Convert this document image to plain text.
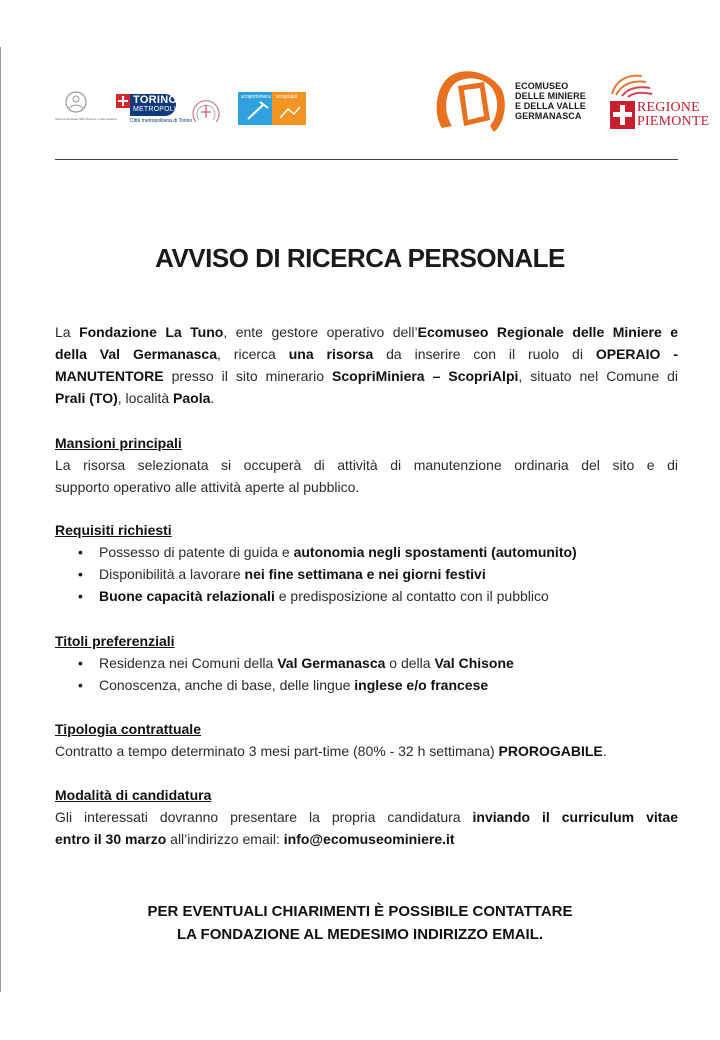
Sistema Museale Valli Chisone e Germanasca
TORINO
METROPOLI
Città metropolitana di Torino
scopriminiera scoprialpi
ECOMUSEO
DELLE MINIERE
E DELLA VALLE
GERMANASCA
REGIONE
PIEMONTE
AVVISO DI RICERCA PERSONALE
La Fondazione La Tuno, ente gestore operativo dell’Ecomuseo Regionale delle Miniere e
della Val Germanasca, ricerca una risorsa da inserire con il ruolo di OPERAIO -
MANUTENTORE presso il sito minerario ScopriMiniera – ScopriAlpi, situato nel Comune di
Prali (TO), località Paola.
Mansioni principali
La risorsa selezionata si occuperà di attività di manutenzione ordinaria del sito e di
supporto operativo alle attività aperte al pubblico.
Requisiti richiesti
• Possesso di patente di guida e autonomia negli spostamenti (automunito)
• Disponibilità a lavorare nei fine settimana e nei giorni festivi
• Buone capacità relazionali e predisposizione al contatto con il pubblico
Titoli preferenziali
• Residenza nei Comuni della Val Germanasca o della Val Chisone
• Conoscenza, anche di base, delle lingue inglese e/o francese
Tipologia contrattuale
Contratto a tempo determinato 3 mesi part-time (80% - 32 h settimana) PROROGABILE.
Modalità di candidatura
Gli interessati dovranno presentare la propria candidatura inviando il curriculum vitae
entro il 30 marzo all’indirizzo email: info@ecomuseominiere.it
PER EVENTUALI CHIARIMENTI È POSSIBILE CONTATTARE
LA FONDAZIONE AL MEDESIMO INDIRIZZO EMAIL.
